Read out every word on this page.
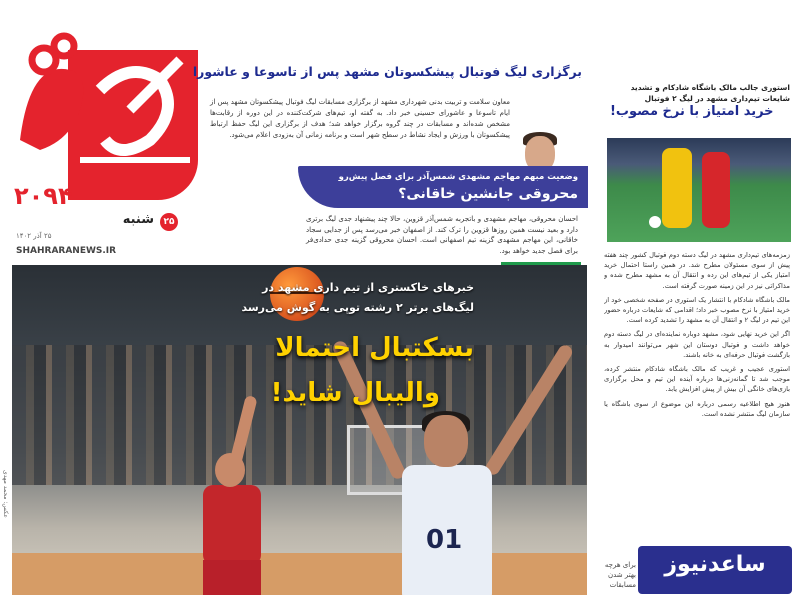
۲۰۹۴
۲۵
شنبه
۲۵ آذر ۱۴۰۲
SHAHRARANEWS.IR
برگزاری لیگ فوتبال پیشکسوتان مشهد پس از تاسوعا و عاشورا
معاون سلامت و تربیت بدنی شهرداری مشهد از برگزاری مسابقات لیگ فوتبال پیشکسوتان مشهد پس از ایام تاسوعا و عاشورای حسینی خبر داد. به گفته او، تیم‌های شرکت‌کننده در این دوره از رقابت‌ها مشخص شده‌اند و مسابقات در چند گروه برگزار خواهد شد؛ هدف از برگزاری این لیگ حفظ ارتباط پیشکسوتان با ورزش و ایجاد نشاط در سطح شهر است و برنامه زمانی آن به‌زودی اعلام می‌شود.
وضعیت مبهم مهاجم مشهدی شمس‌آذر برای فصل پیش‌رو
محروقی جانشین خاقانی؟
احسان محروقی، مهاجم مشهدی و باتجربه شمس‌آذر قزوین، حالا چند پیشنهاد جدی لیگ برتری دارد و بعید نیست همین روزها قزوین را ترک کند. از اصفهان خبر می‌رسد پس از جدایی سجاد خاقانی، این مهاجم مشهدی گزینه تیم اصفهانی است. احسان محروقی گزینه جدی حدادی‌فر برای فصل جدید خواهد بود.
01
خبرهای خاکستری از تیم داری مشهد در لیگ‌های برتر ۲ رشته توپی به گوش می‌رسد
بسکتبال احتمالا
والیبال شاید!
عکس: محمد مهدی
استوری جالب مالک باشگاه شادکام و تشدید شایعات تیم‌داری مشهد در لیگ ۲ فوتبال
خرید امتیاز با نرخ مصوب!

زمزمه‌های تیم‌داری مشهد در لیگ دسته دوم فوتبال کشور چند هفته پیش از سوی مسئولان مطرح شد. در همین راستا احتمال خرید امتیاز یکی از تیم‌های این رده و انتقال آن به مشهد مطرح شده و مذاکراتی نیز در این زمینه صورت گرفته است.

مالک باشگاه شادکام با انتشار یک استوری در صفحه شخصی خود از خرید امتیاز با نرخ مصوب خبر داد؛ اقدامی که شایعات درباره حضور این تیم در لیگ ۲ و انتقال آن به مشهد را تشدید کرده است.

اگر این خرید نهایی شود، مشهد دوباره نماینده‌ای در لیگ دسته دوم خواهد داشت و فوتبال دوستان این شهر می‌توانند امیدوار به بازگشت فوتبال حرفه‌ای به خانه باشند.

استوری عجیب و غریب که مالک باشگاه شادکام منتشر کرده، موجب شد تا گمانه‌زنی‌ها درباره آینده این تیم و محل برگزاری بازی‌های خانگی آن بیش از پیش افزایش یابد.

هنوز هیچ اطلاعیه رسمی درباره این موضوع از سوی باشگاه یا سازمان لیگ منتشر نشده است.

برای هرچه بهتر شدن مسابقات
ساعدنیوز
